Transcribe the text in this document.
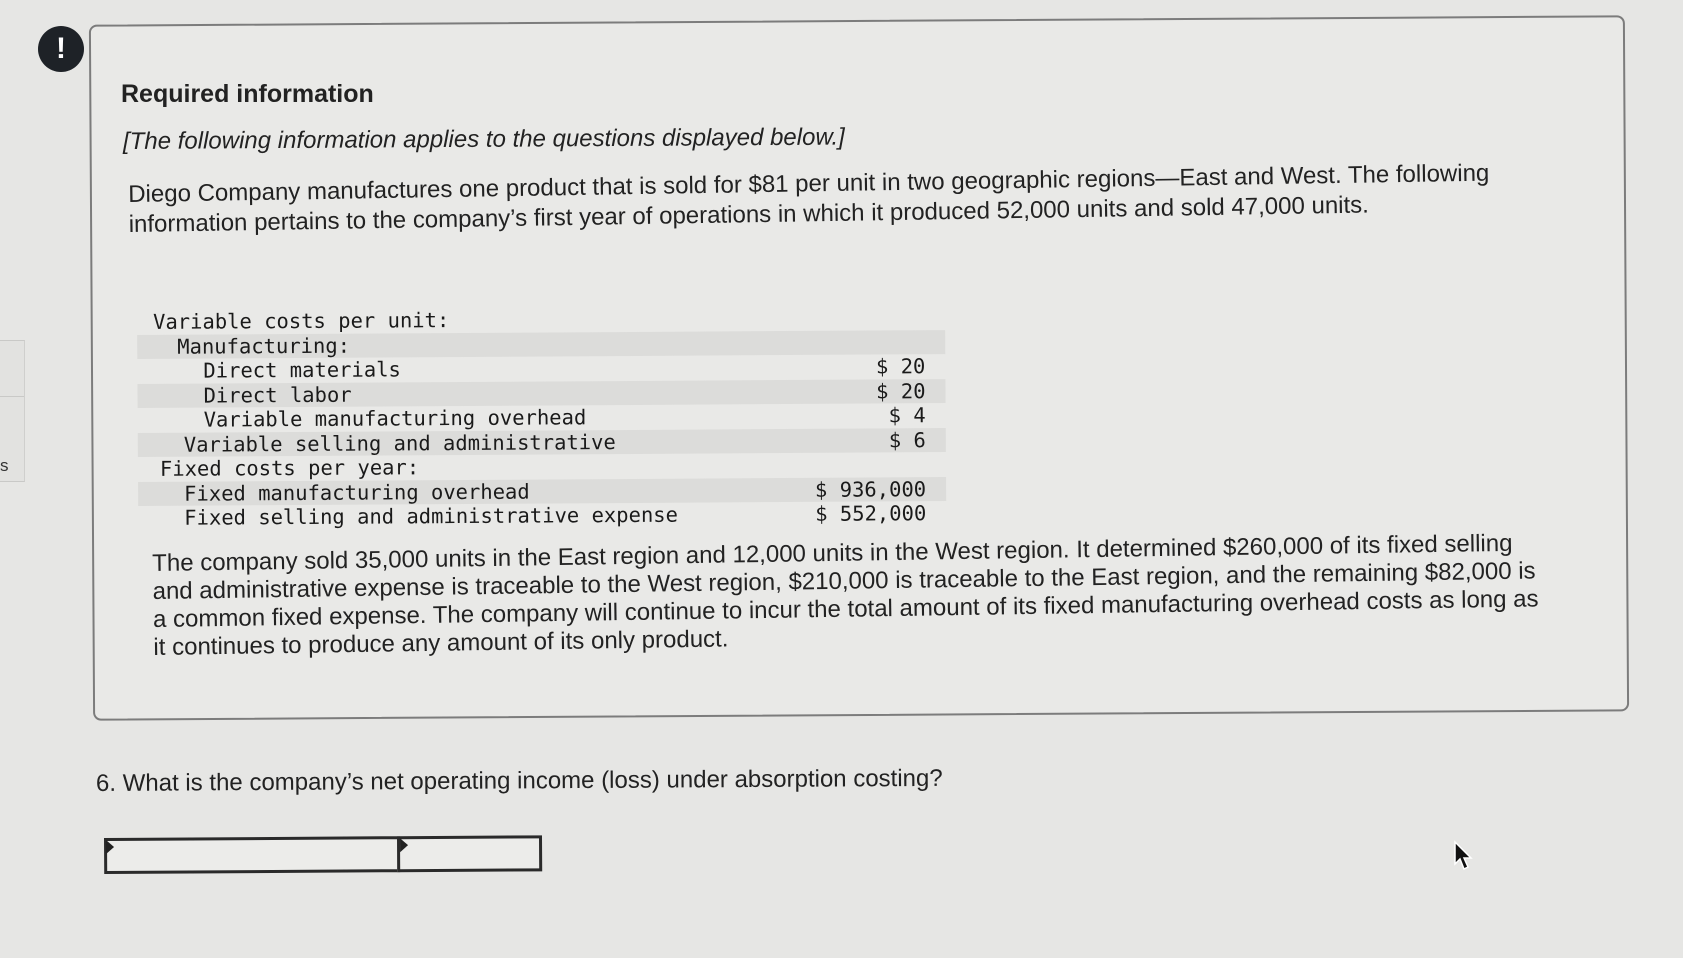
s
!
Required information
[The following information applies to the questions displayed below.]
Diego Company manufactures one product that is sold for $81 per unit in two geographic regions—East and West. The following information pertains to the company’s first year of operations in which it produced 52,000 units and sold 47,000 units.
Variable costs per unit:
Manufacturing:
Direct materials	$ 20
Direct labor	$ 20
Variable manufacturing overhead	$ 4
Variable selling and administrative	$ 6
Fixed costs per year:
Fixed manufacturing overhead	$ 936,000
Fixed selling and administrative expense	$ 552,000
The company sold 35,000 units in the East region and 12,000 units in the West region. It determined $260,000 of its fixed selling and administrative expense is traceable to the West region, $210,000 is traceable to the East region, and the remaining $82,000 is a common fixed expense. The company will continue to incur the total amount of its fixed manufacturing overhead costs as long as it continues to produce any amount of its only product.
6. What is the company’s net operating income (loss) under absorption costing?
